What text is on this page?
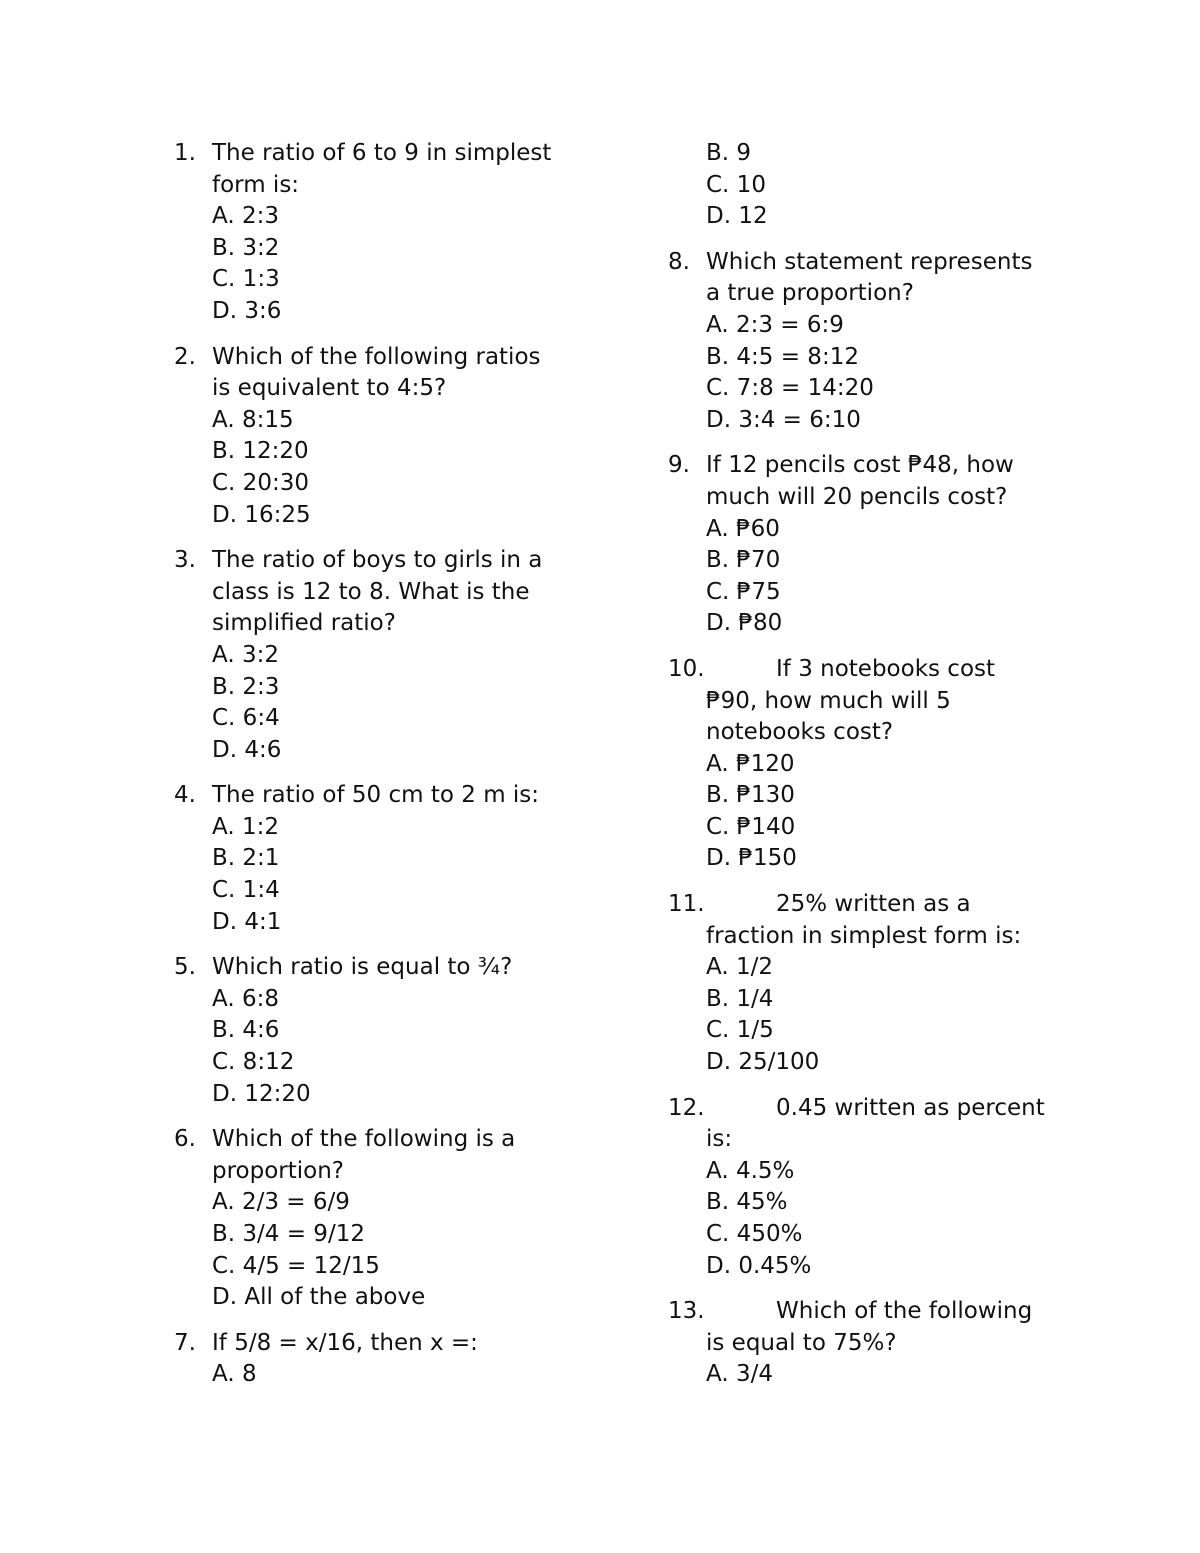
1. The ratio of 6 to 9 in simplest
form is:
A. 2:3
B. 3:2
C. 1:3
D. 3:6
2. Which of the following ratios
is equivalent to 4:5?
A. 8:15
B. 12:20
C. 20:30
D. 16:25
3. The ratio of boys to girls in a
class is 12 to 8. What is the
simplified ratio?
A. 3:2
B. 2:3
C. 6:4
D. 4:6
4. The ratio of 50 cm to 2 m is:
A. 1:2
B. 2:1
C. 1:4
D. 4:1
5. Which ratio is equal to ¾?
A. 6:8
B. 4:6
C. 8:12
D. 12:20
6. Which of the following is a
proportion?
A. 2/3 = 6/9
B. 3/4 = 9/12
C. 4/5 = 12/15
D. All of the above
7. If 5/8 = x/16, then x =:
A. 8
B. 9
C. 10
D. 12
8. Which statement represents
a true proportion?
A. 2:3 = 6:9
B. 4:5 = 8:12
C. 7:8 = 14:20
D. 3:4 = 6:10
9. If 12 pencils cost ₱48, how
much will 20 pencils cost?
A. ₱60
B. ₱70
C. ₱75
D. ₱80
10.	If 3 notebooks cost
₱90, how much will 5
notebooks cost?
A. ₱120
B. ₱130
C. ₱140
D. ₱150
11.	25% written as a
fraction in simplest form is:
A. 1/2
B. 1/4
C. 1/5
D. 25/100
12.	0.45 written as percent
is:
A. 4.5%
B. 45%
C. 450%
D. 0.45%
13.	Which of the following
is equal to 75%?
A. 3/4
